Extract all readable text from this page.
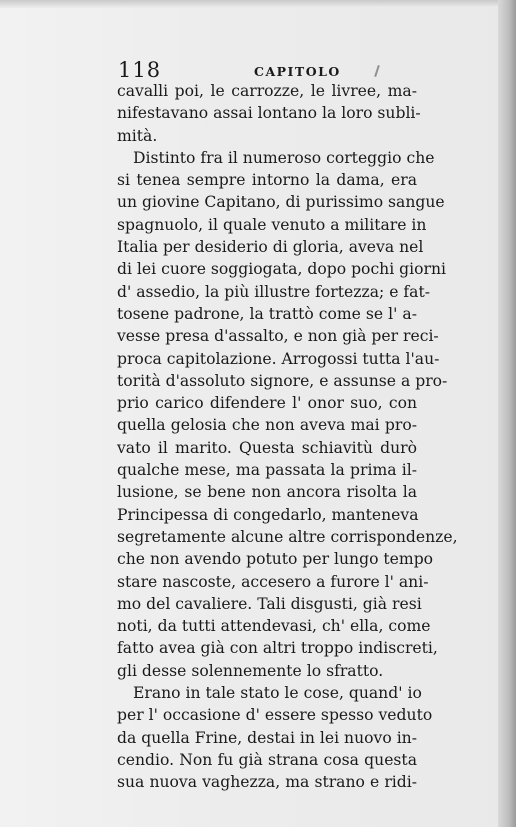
118	CAPITOLO
cavalli poi, le carrozze, le livree, ma-
nifestavano assai lontano la loro subli-
mità.
Distinto fra il numeroso corteggio che
si tenea sempre intorno la dama, era
un giovine Capitano, di purissimo sangue
spagnuolo, il quale venuto a militare in
Italia per desiderio di gloria, aveva nel
di lei cuore soggiogata, dopo pochi giorni
d' assedio, la più illustre fortezza; e fat-
tosene padrone, la trattò come se l' a-
vesse presa d'assalto, e non già per reci-
proca capitolazione. Arrogossi tutta l'au-
torità d'assoluto signore, e assunse a pro-
prio carico difendere l' onor suo, con
quella gelosia che non aveva mai pro-
vato il marito. Questa schiavitù durò
qualche mese, ma passata la prima il-
lusione, se bene non ancora risolta la
Principessa di congedarlo, manteneva
segretamente alcune altre corrispondenze,
che non avendo potuto per lungo tempo
stare nascoste, accesero a furore l' ani-
mo del cavaliere. Tali disgusti, già resi
noti, da tutti attendevasi, ch' ella, come
fatto avea già con altri troppo indiscreti,
gli desse solennemente lo sfratto.
Erano in tale stato le cose, quand' io
per l' occasione d' essere spesso veduto
da quella Frine, destai in lei nuovo in-
cendio. Non fu già strana cosa questa
sua nuova vaghezza, ma strano e ridi-
